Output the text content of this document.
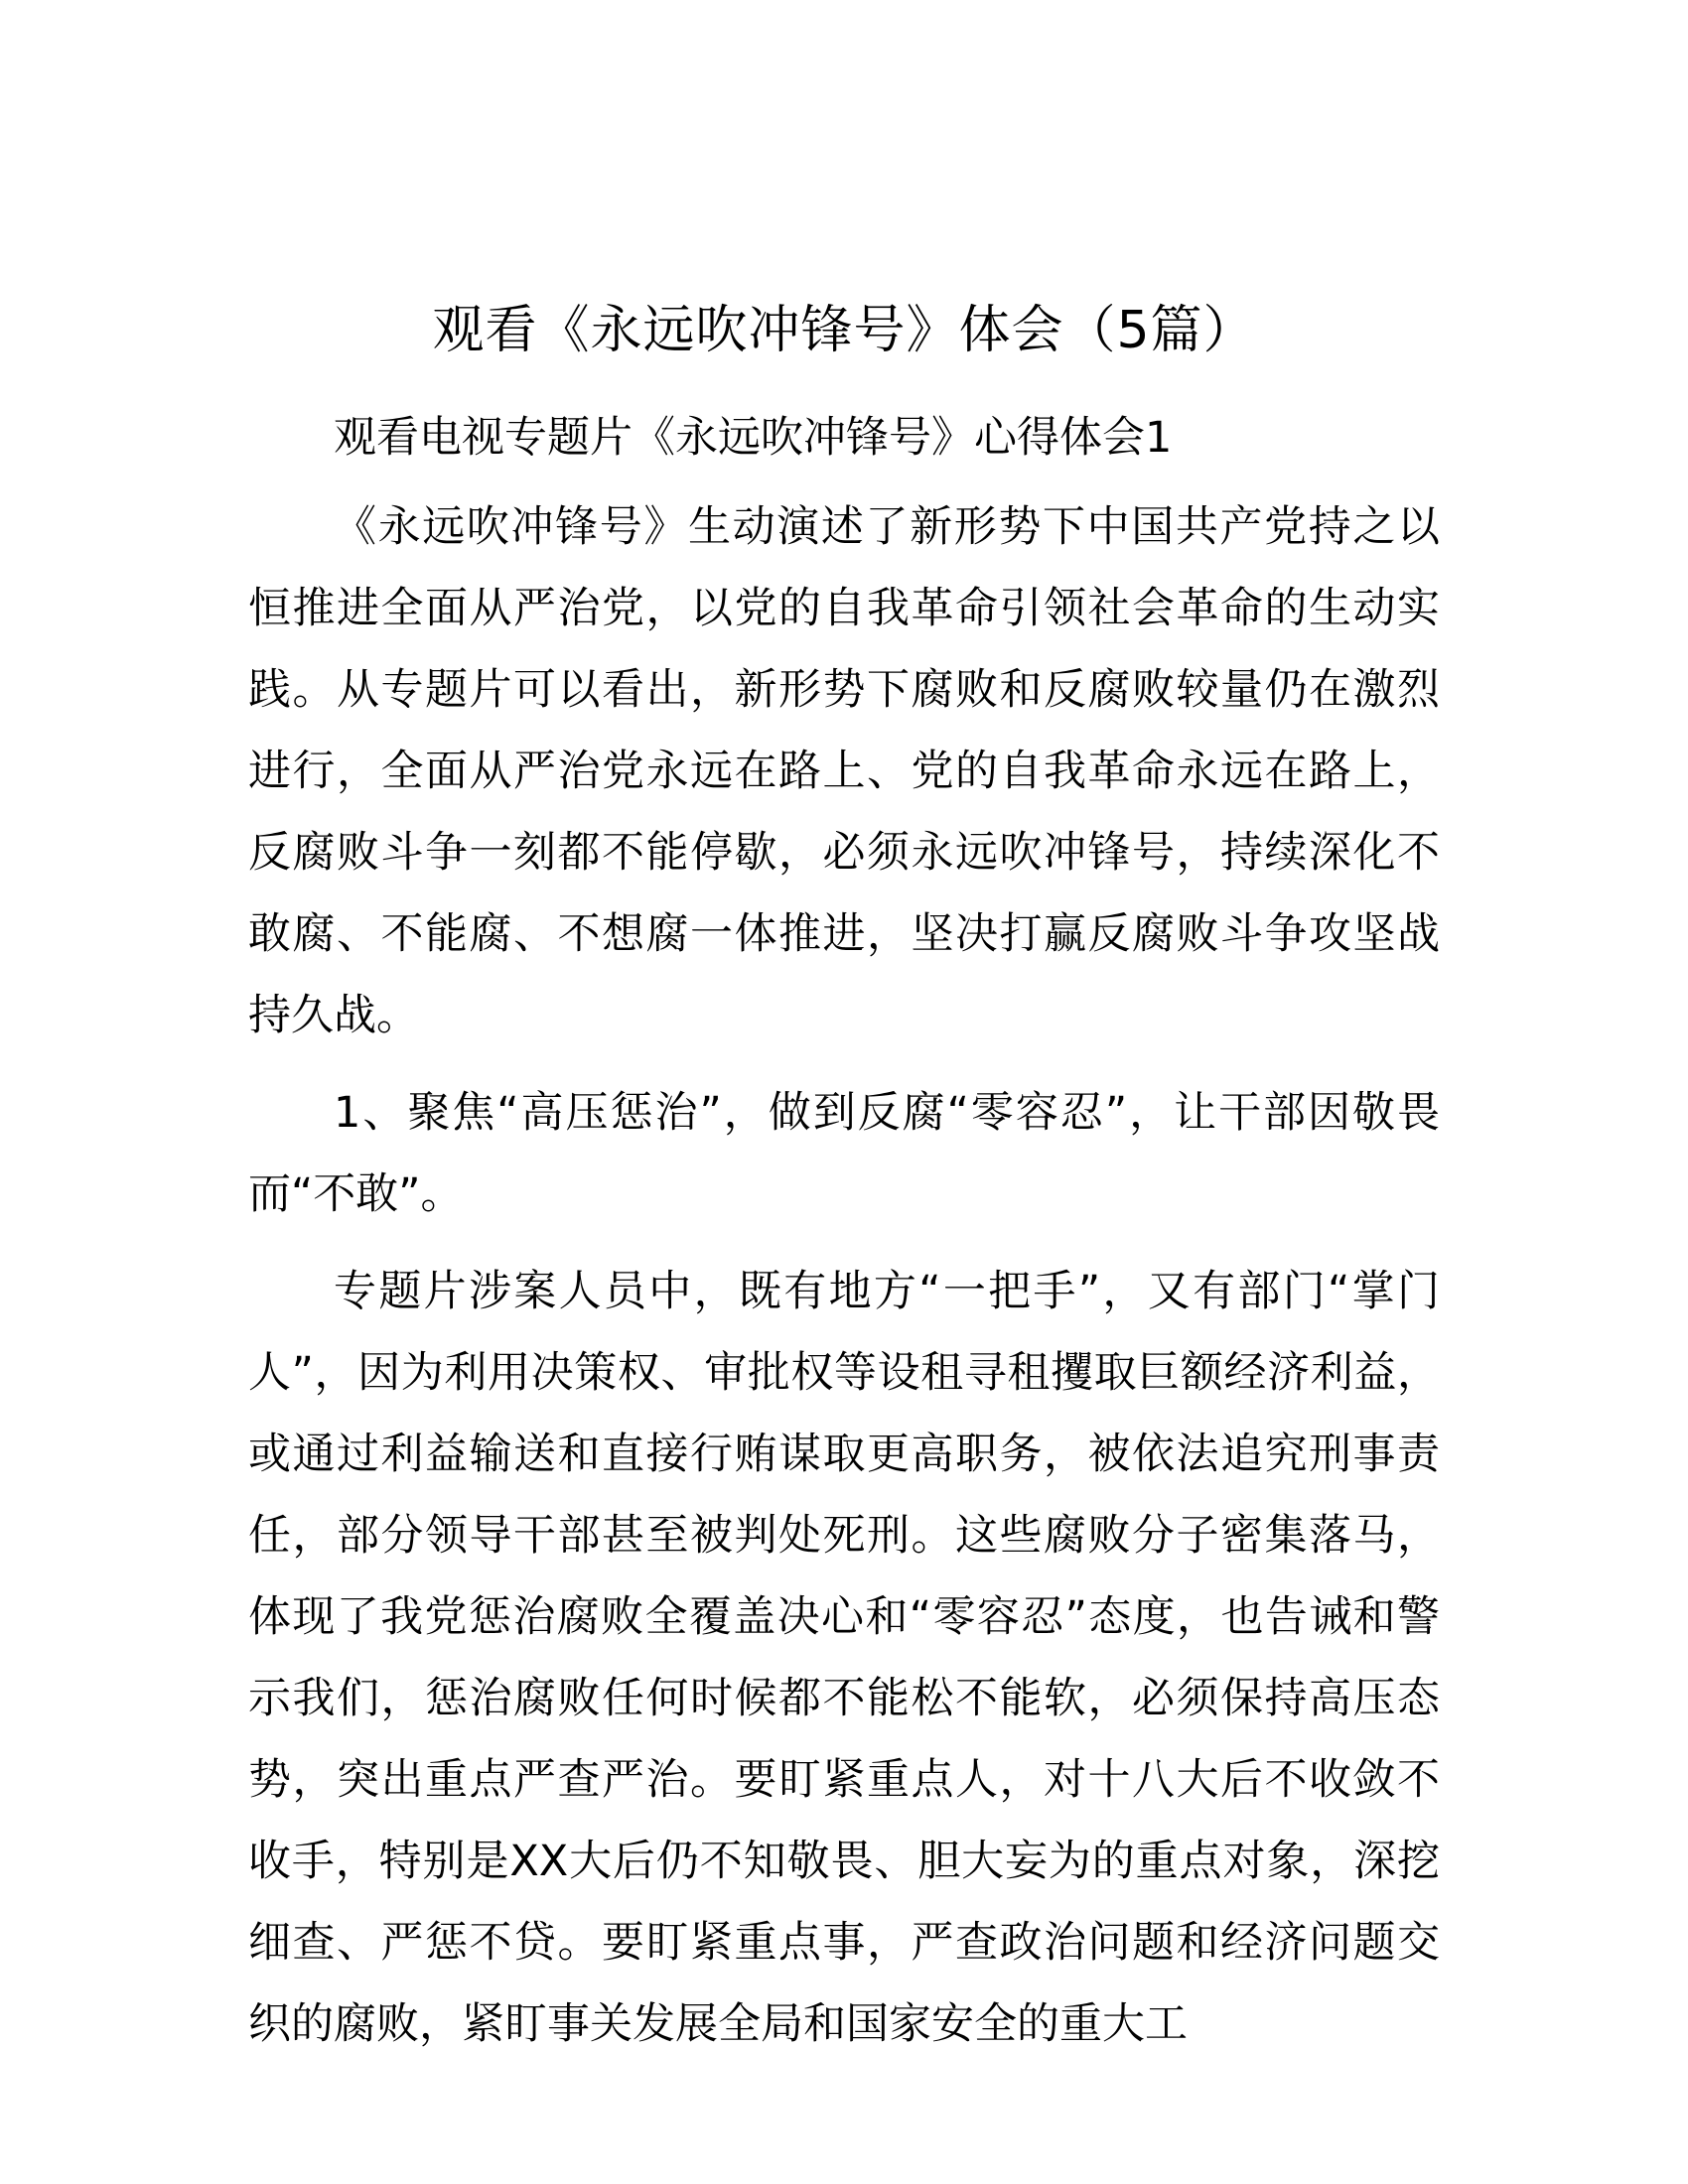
观看《永远吹冲锋号》体会（5篇）

观看电视专题片《永远吹冲锋号》心得体会1

《永远吹冲锋号》生动演述了新形势下中国共产党持之以恒推进全面从严治党，以党的自我革命引领社会革命的生动实践。从专题片可以看出，新形势下腐败和反腐败较量仍在激烈进行，全面从严治党永远在路上、党的自我革命永远在路上，反腐败斗争一刻都不能停歇，必须永远吹冲锋号，持续深化不敢腐、不能腐、不想腐一体推进，坚决打赢反腐败斗争攻坚战持久战。

1、聚焦“高压惩治”，做到反腐“零容忍”，让干部因敬畏而“不敢”。

专题片涉案人员中，既有地方“一把手”，又有部门“掌门人”，因为利用决策权、审批权等设租寻租攫取巨额经济利益，或通过利益输送和直接行贿谋取更高职务，被依法追究刑事责任，部分领导干部甚至被判处死刑。这些腐败分子密集落马，体现了我党惩治腐败全覆盖决心和“零容忍”态度，也告诫和警示我们，惩治腐败任何时候都不能松不能软，必须保持高压态势，突出重点严查严治。要盯紧重点人，对十八大后不收敛不收手，特别是XX大后仍不知敬畏、胆大妄为的重点对象，深挖细查、严惩不贷。要盯紧重点事，严查政治问题和经济问题交织的腐败，紧盯事关发展全局和国家安全的重大工
